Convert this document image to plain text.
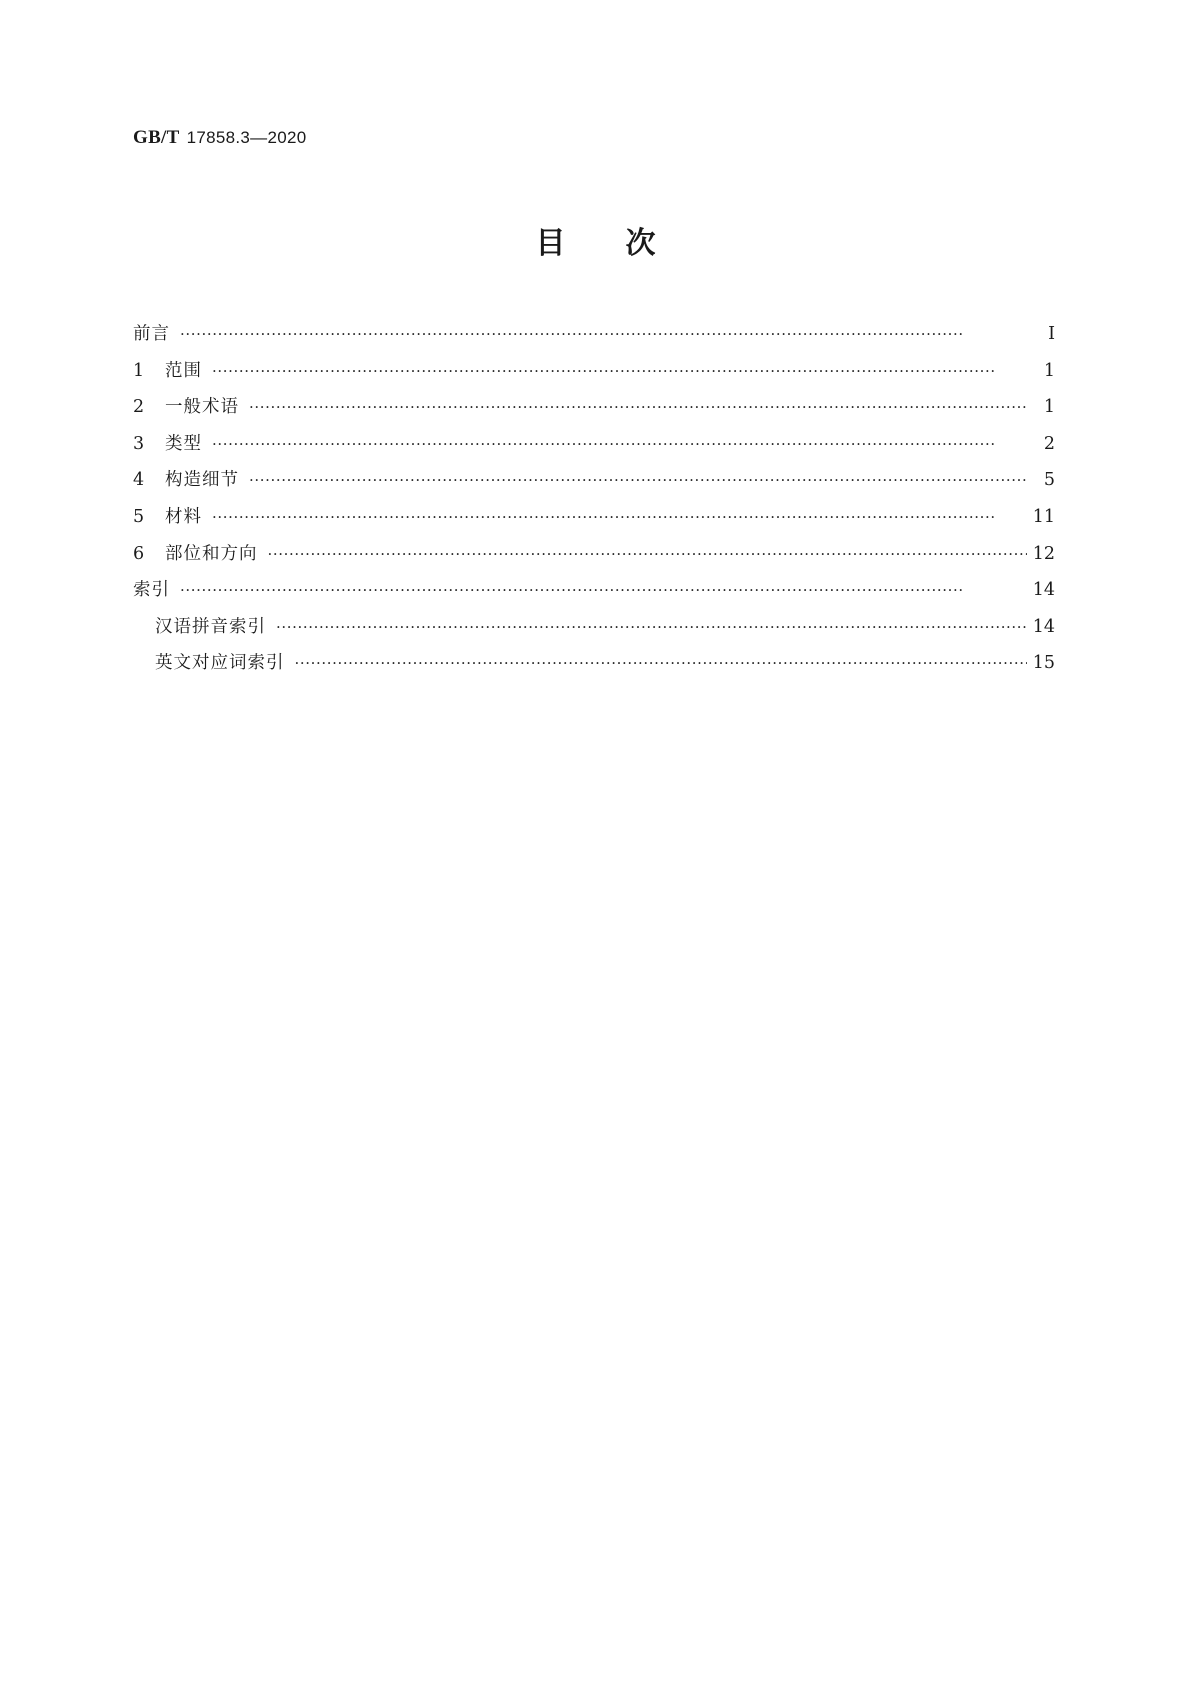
GB/T 17858.3—2020
目次
前言 ·····	Ⅰ
1	范围 ·····	1
2	一般术语 ·····	1
3	类型 ·····	2
4	构造细节 ·····	5
5	材料 ·····	11
6	部位和方向 ·····	12
索引 ·····	14
汉语拼音索引 ·····	14
英文对应词索引 ·····	15
